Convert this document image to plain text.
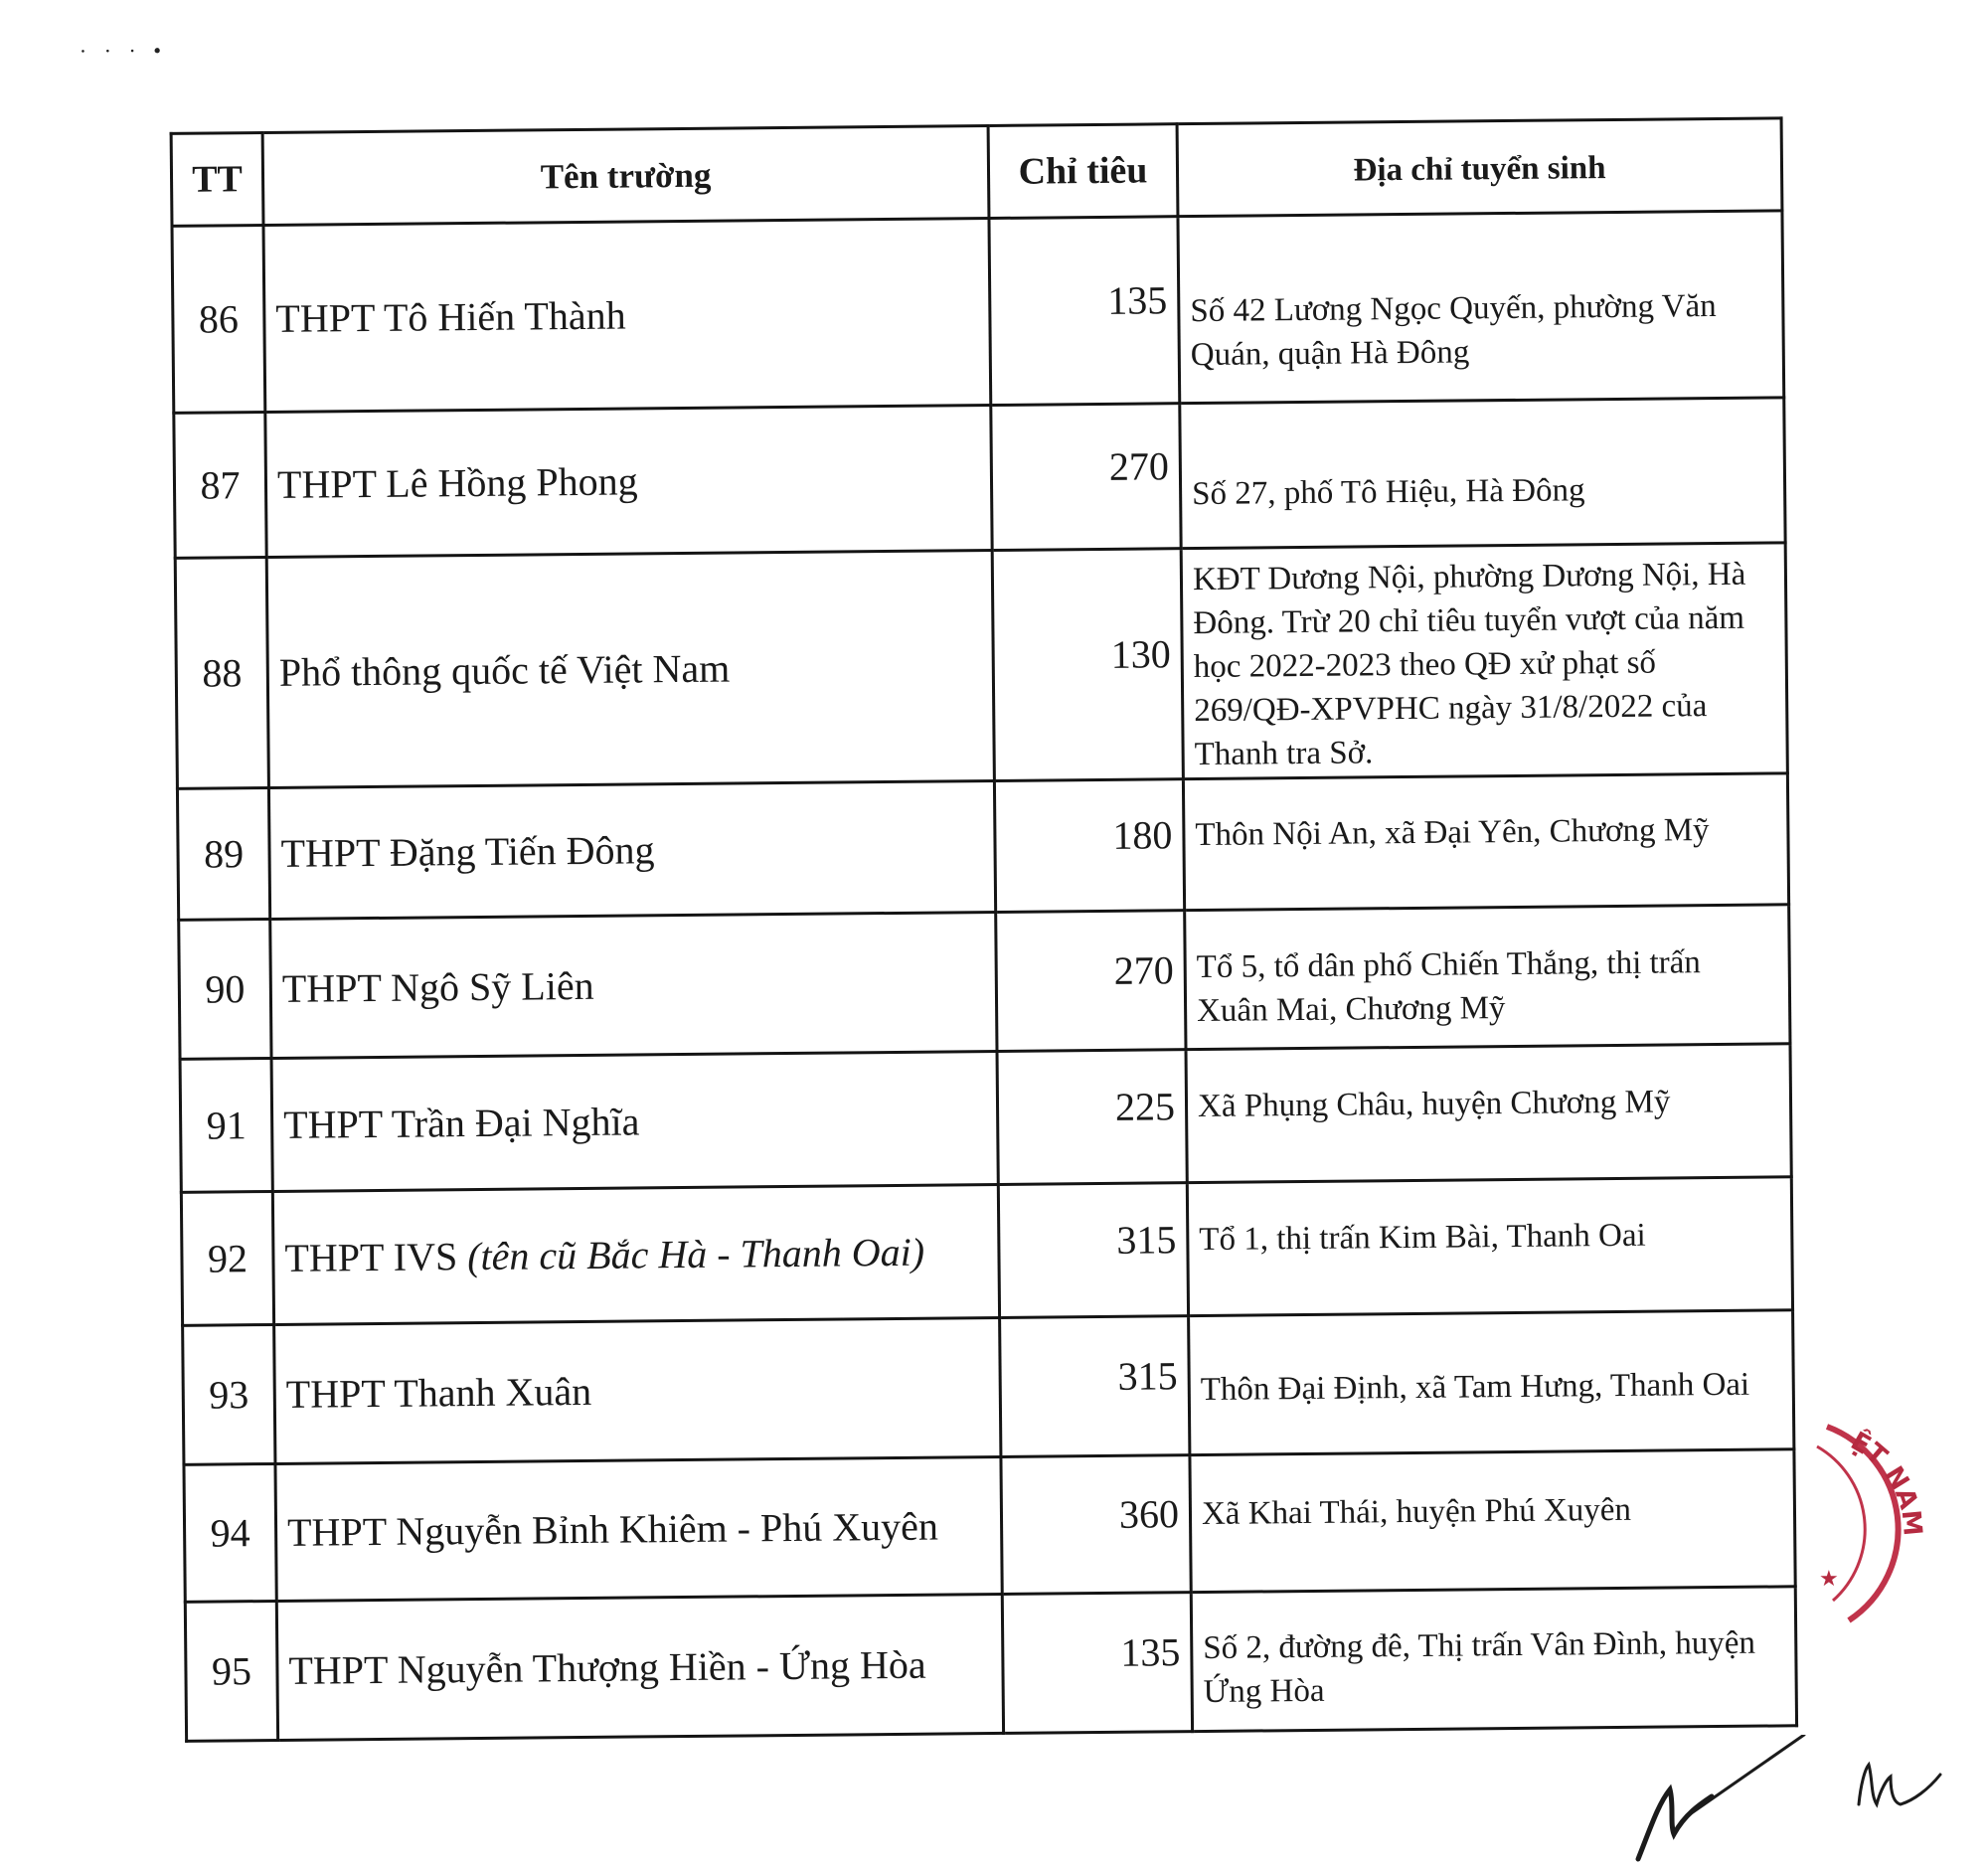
· · · •
TT	Tên trường	Chỉ tiêu	Địa chỉ tuyển sinh
86	THPT Tô Hiến Thành	135	Số 42 Lương Ngọc Quyến, phường Văn Quán, quận Hà Đông
87	THPT Lê Hồng Phong	270	Số 27, phố Tô Hiệu, Hà Đông
88	Phổ thông quốc tế Việt Nam	130	KĐT Dương Nội, phường Dương Nội, Hà Đông. Trừ 20 chỉ tiêu tuyển vượt của năm học 2022-2023 theo QĐ xử phạt số 269/QĐ-XPVPHC ngày 31/8/2022 của Thanh tra Sở.
89	THPT Đặng Tiến Đông	180	Thôn Nội An, xã Đại Yên, Chương Mỹ
90	THPT Ngô Sỹ Liên	270	Tổ 5, tổ dân phố Chiến Thắng, thị trấn Xuân Mai, Chương Mỹ
91	THPT Trần Đại Nghĩa	225	Xã Phụng Châu, huyện Chương Mỹ
92	THPT IVS (tên cũ Bắc Hà - Thanh Oai)	315	Tổ 1, thị trấn Kim Bài, Thanh Oai
93	THPT Thanh Xuân	315	Thôn Đại Định, xã Tam Hưng, Thanh Oai
94	THPT Nguyễn Bỉnh Khiêm - Phú Xuyên	360	Xã Khai Thái, huyện Phú Xuyên
95	THPT Nguyễn Thượng Hiền - Ứng Hòa	135	Số 2, đường đê, Thị trấn Vân Đình, huyện Ứng Hòa
ỆT NAM
★
